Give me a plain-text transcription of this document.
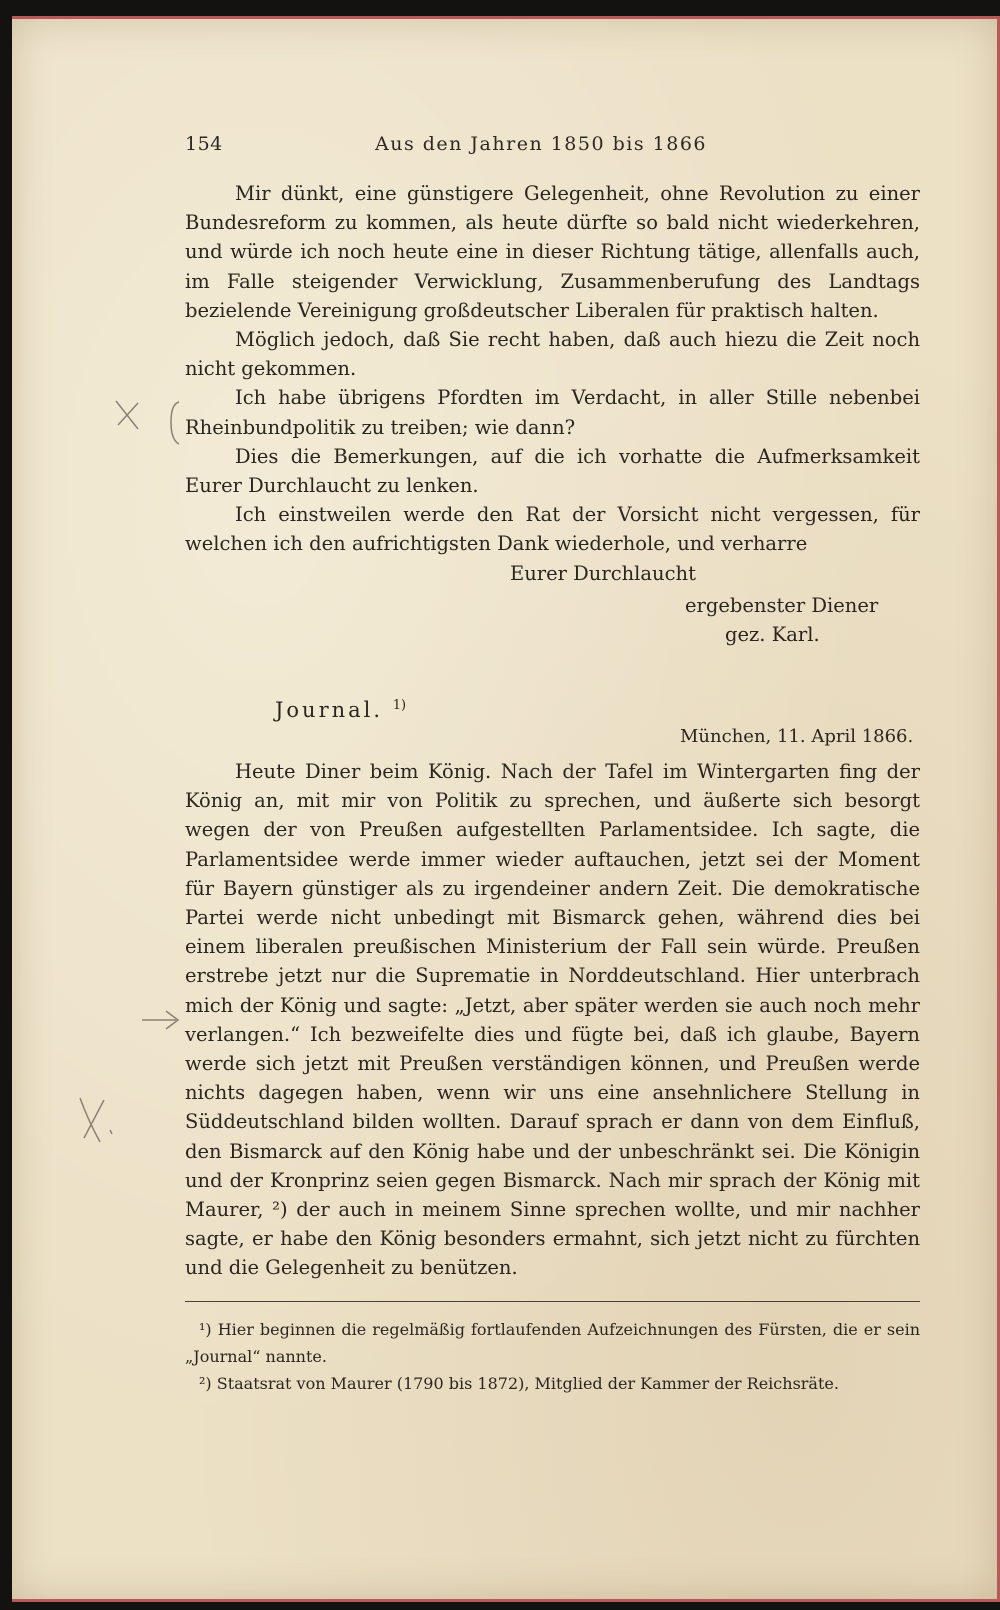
154	Aus den Jahren 1850 bis 1866

Mir dünkt, eine günstigere Gelegenheit, ohne Revolution zu einer Bundesreform zu kommen, als heute dürfte so bald nicht wiederkehren, und würde ich noch heute eine in dieser Richtung tätige, allenfalls auch, im Falle steigender Verwicklung, Zusammenberufung des Landtags bezielende Vereinigung großdeutscher Liberalen für praktisch halten.

Möglich jedoch, daß Sie recht haben, daß auch hiezu die Zeit noch nicht gekommen.

Ich habe übrigens Pfordten im Verdacht, in aller Stille nebenbei Rheinbundpolitik zu treiben; wie dann?

Dies die Bemerkungen, auf die ich vorhatte die Aufmerksamkeit Eurer Durchlaucht zu lenken.

Ich einstweilen werde den Rat der Vorsicht nicht vergessen, für welchen ich den aufrichtigsten Dank wiederhole, und verharre

Eurer Durchlaucht

ergebenster Diener

gez. Karl.

Journal. $^{1)}$
München, 11. April 1866.

Heute Diner beim König. Nach der Tafel im Wintergarten fing der König an, mit mir von Politik zu sprechen, und äußerte sich besorgt wegen der von Preußen aufgestellten Parlamentsidee. Ich sagte, die Parlamentsidee werde immer wieder auftauchen, jetzt sei der Moment für Bayern günstiger als zu irgendeiner andern Zeit. Die demokratische Partei werde nicht unbedingt mit Bismarck gehen, während dies bei einem liberalen preußischen Ministerium der Fall sein würde. Preußen erstrebe jetzt nur die Suprematie in Norddeutschland. Hier unterbrach mich der König und sagte: „Jetzt, aber später werden sie auch noch mehr verlangen.“ Ich bezweifelte dies und fügte bei, daß ich glaube, Bayern werde sich jetzt mit Preußen verständigen können, und Preußen werde nichts dagegen haben, wenn wir uns eine ansehnlichere Stellung in Süddeutschland bilden wollten. Darauf sprach er dann von dem Einfluß, den Bismarck auf den König habe und der unbeschränkt sei. Die Königin und der Kronprinz seien gegen Bismarck. Nach mir sprach der König mit Maurer, ²) der auch in meinem Sinne sprechen wollte, und mir nachher sagte, er habe den König besonders ermahnt, sich jetzt nicht zu fürchten und die Gelegenheit zu benützen.

¹) Hier beginnen die regelmäßig fortlaufenden Aufzeichnungen des Fürsten, die er sein „Journal“ nannte.

²) Staatsrat von Maurer (1790 bis 1872), Mitglied der Kammer der Reichsräte.
